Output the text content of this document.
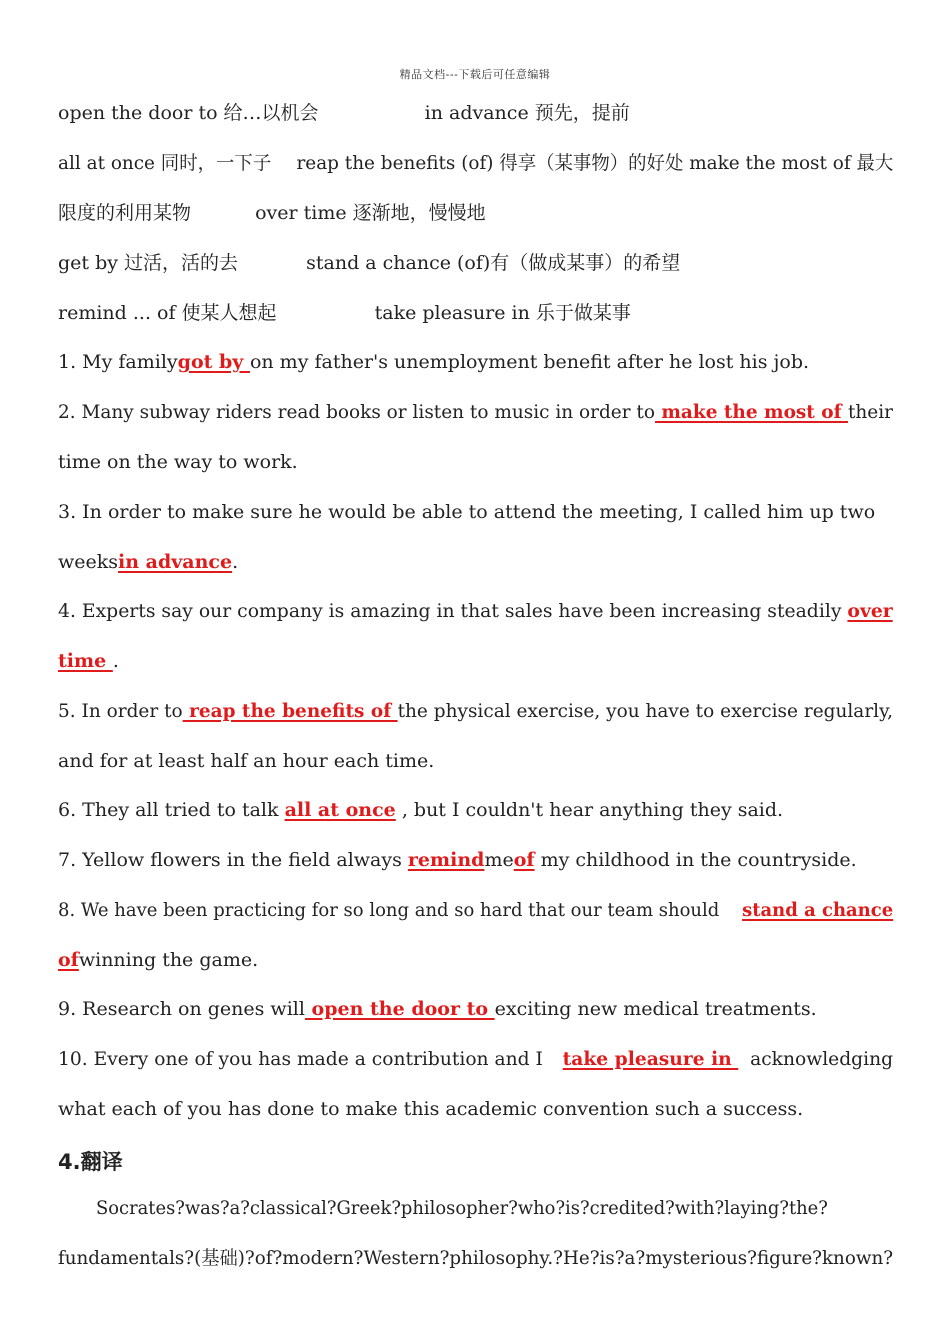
精品文档---下载后可任意编辑
open the door to 给…以机会	in advance 预先，提前
all at once 同时，一下子 reap the benefits (of) 得享（某事物）的好处 make the most of 最大
限度的利用某物	over time 逐渐地，慢慢地
get by 过活，活的去	stand a chance (of)有（做成某事）的希望
remind ... of 使某人想起	take pleasure in 乐于做某事
1. My familygot by on my father's unemployment benefit after he lost his job.
2. Many subway riders read books or listen to music in order to make the most of their
time on the way to work.
3. In order to make sure he would be able to attend the meeting, I called him up two
weeksin advance.
4. Experts say our company is amazing in that sales have been increasing steadily over
time .
5. In order to reap the benefits of the physical exercise, you have to exercise regularly,
and for at least half an hour each time.
6. They all tried to talk all at once , but I couldn't hear anything they said.
7. Yellow flowers in the field always remindmeof my childhood in the countryside.
8. We have been practicing for so long and so hard that our team should stand a chance
ofwinning the game.
9. Research on genes will open the door to exciting new medical treatments.
10. Every one of you has made a contribution and I take pleasure in  acknowledging
what each of you has done to make this academic convention such a success.
4.翻译
Socrates?was?a?classical?Greek?philosopher?who?is?credited?with?laying?the?
fundamentals?(基础)?of?modern?Western?philosophy.?He?is?a?mysterious?figure?known?
